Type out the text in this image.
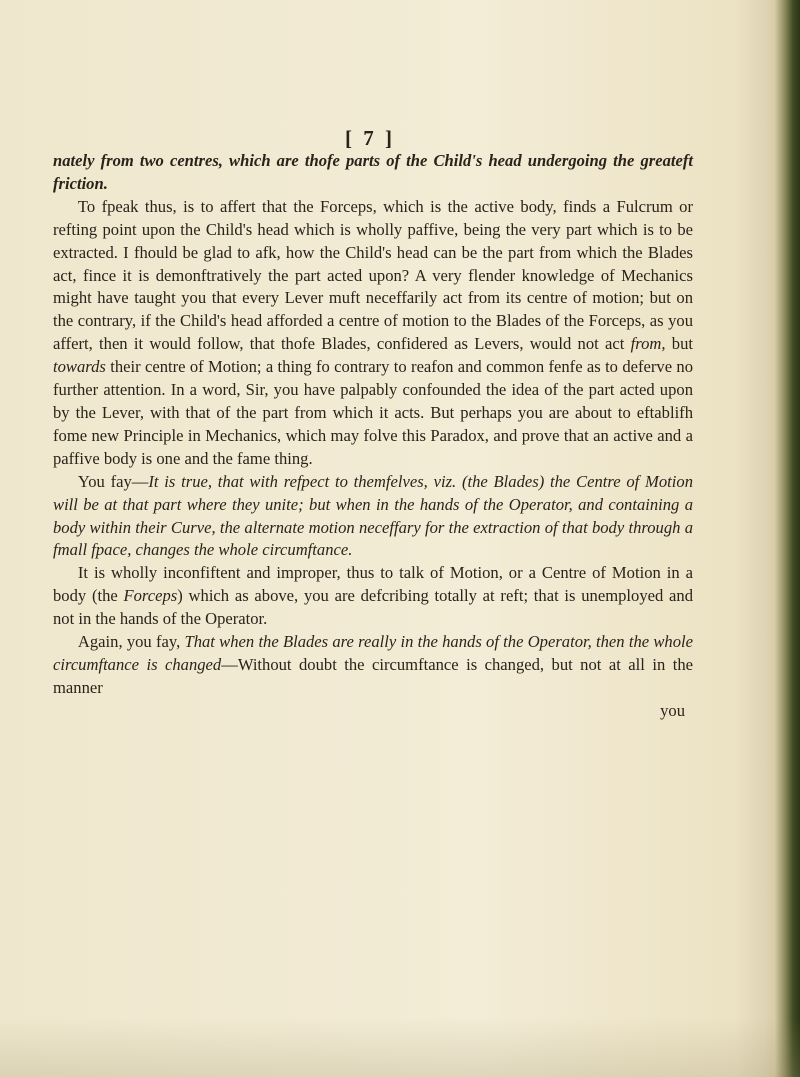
[ 7 ]

nately from two centres, which are thofe parts of the Child's head undergoing the greateft friction.

To fpeak thus, is to affert that the Forceps, which is the active body, finds a Fulcrum or refting point upon the Child's head which is wholly paffive, being the very part which is to be extracted. I fhould be glad to afk, how the Child's head can be the part from which the Blades act, fince it is demonftratively the part acted upon? A very flender knowledge of Mechanics might have taught you that every Lever muft neceffarily act from its centre of motion; but on the contrary, if the Child's head afforded a centre of motion to the Blades of the Forceps, as you affert, then it would follow, that thofe Blades, confidered as Levers, would not act from, but towards their centre of Motion; a thing fo contrary to reafon and common fenfe as to deferve no further attention. In a word, Sir, you have palpably confounded the idea of the part acted upon by the Lever, with that of the part from which it acts. But perhaps you are about to eftablifh fome new Principle in Mechanics, which may folve this Paradox, and prove that an active and a paffive body is one and the fame thing.

You fay—It is true, that with refpect to themfelves, viz. (the Blades) the Centre of Motion will be at that part where they unite; but when in the hands of the Operator, and containing a body within their Curve, the alternate motion neceffary for the extraction of that body through a fmall fpace, changes the whole circumftance.

It is wholly inconfiftent and improper, thus to talk of Motion, or a Centre of Motion in a body (the Forceps) which as above, you are defcribing totally at reft; that is unemployed and not in the hands of the Operator.

Again, you fay, That when the Blades are really in the hands of the Operator, then the whole circumftance is changed—Without doubt the circumftance is changed, but not at all in the manner

you
